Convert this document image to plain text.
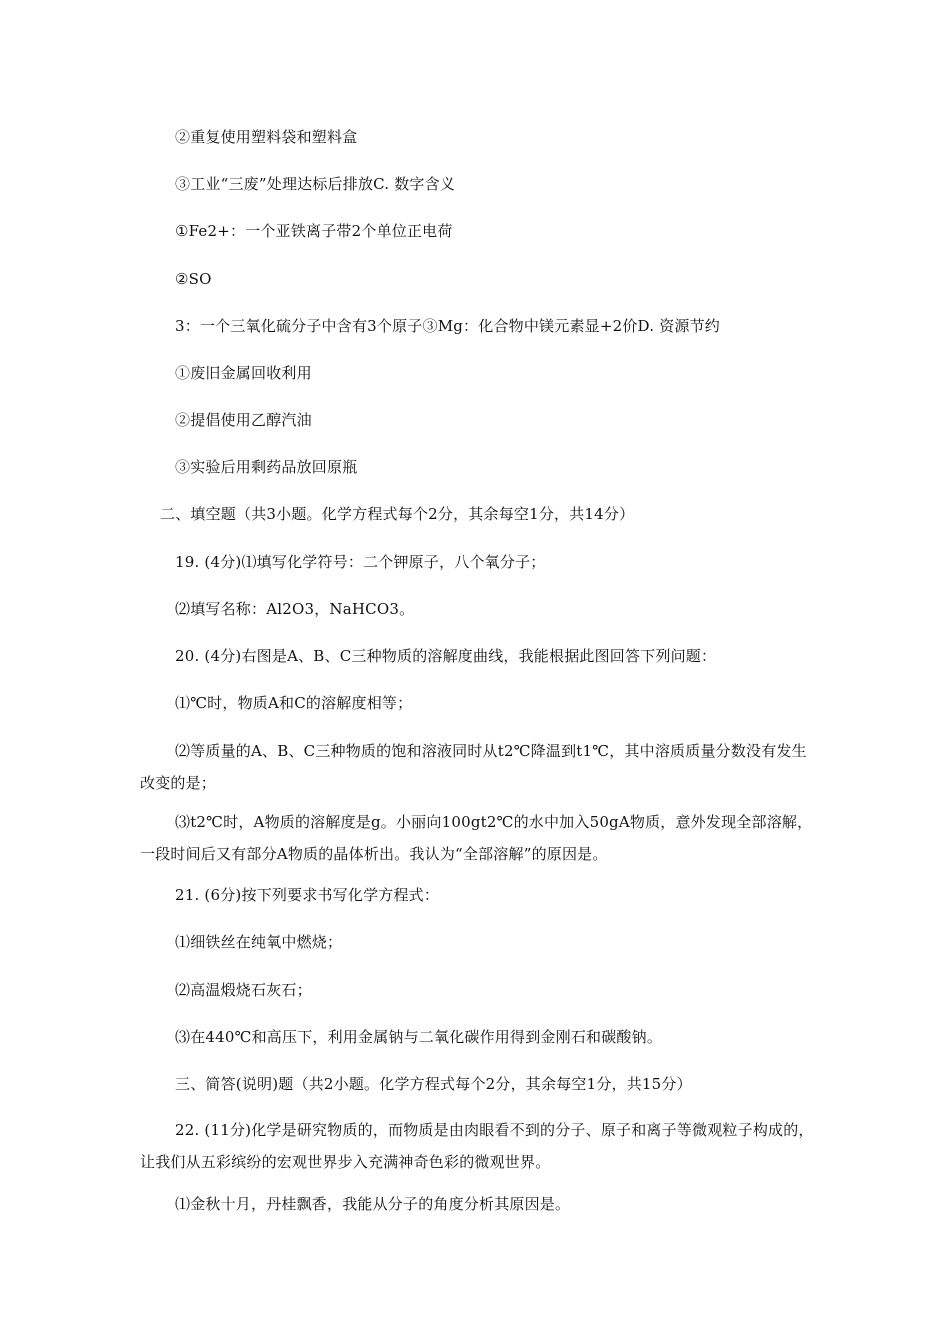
②重复使用塑料袋和塑料盒
③工业“三废”处理达标后排放C. 数字含义
①Fe2+：一个亚铁离子带2个单位正电荷
②SO
3：一个三氧化硫分子中含有3个原子③Mg：化合物中镁元素显+2价D. 资源节约
①废旧金属回收利用
②提倡使用乙醇汽油
③实验后用剩药品放回原瓶
二、填空题（共3小题。化学方程式每个2分，其余每空1分，共14分）
19. (4分)⑴填写化学符号：二个钾原子，八个氧分子；
⑵填写名称：Al2O3，NaHCO3。
20. (4分)右图是A、B、C三种物质的溶解度曲线，我能根据此图回答下列问题：
⑴℃时，物质A和C的溶解度相等；
⑵等质量的A、B、C三种物质的饱和溶液同时从t2℃降温到t1℃，其中溶质质量分数没有发生改变的是；
⑶t2℃时，A物质的溶解度是g。小丽向100gt2℃的水中加入50gA物质，意外发现全部溶解，一段时间后又有部分A物质的晶体析出。我认为“全部溶解”的原因是。
21. (6分)按下列要求书写化学方程式：
⑴细铁丝在纯氧中燃烧；
⑵高温煅烧石灰石；
⑶在440℃和高压下，利用金属钠与二氧化碳作用得到金刚石和碳酸钠。
三、简答(说明)题（共2小题。化学方程式每个2分，其余每空1分，共15分）
22. (11分)化学是研究物质的，而物质是由肉眼看不到的分子、原子和离子等微观粒子构成的，让我们从五彩缤纷的宏观世界步入充满神奇色彩的微观世界。
⑴金秋十月，丹桂飘香，我能从分子的角度分析其原因是。
